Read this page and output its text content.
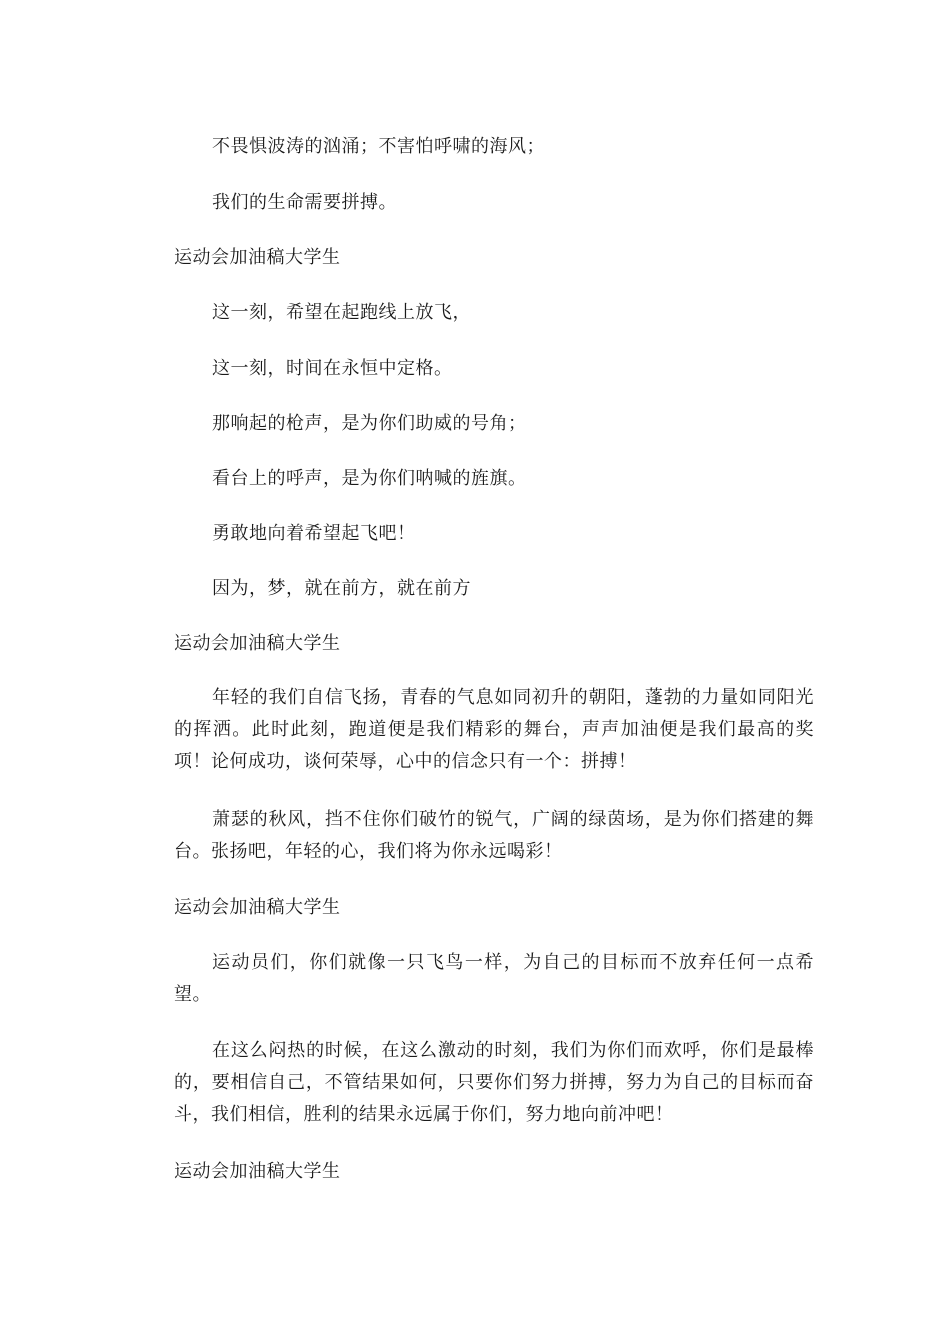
不畏惧波涛的汹涌；不害怕呼啸的海风；

我们的生命需要拼搏。

运动会加油稿大学生

这一刻，希望在起跑线上放飞，

这一刻，时间在永恒中定格。

那响起的枪声，是为你们助威的号角；

看台上的呼声，是为你们呐喊的旌旗。

勇敢地向着希望起飞吧！

因为，梦，就在前方，就在前方

运动会加油稿大学生

年轻的我们自信飞扬，青春的气息如同初升的朝阳，蓬勃的力量如同阳光的挥洒。此时此刻，跑道便是我们精彩的舞台，声声加油便是我们最高的奖项！论何成功，谈何荣辱，心中的信念只有一个：拼搏！

萧瑟的秋风，挡不住你们破竹的锐气，广阔的绿茵场，是为你们搭建的舞台。张扬吧，年轻的心，我们将为你永远喝彩！

运动会加油稿大学生

运动员们，你们就像一只飞鸟一样，为自己的目标而不放弃任何一点希望。

在这么闷热的时候，在这么激动的时刻，我们为你们而欢呼，你们是最棒的，要相信自己，不管结果如何，只要你们努力拼搏，努力为自己的目标而奋斗，我们相信，胜利的结果永远属于你们，努力地向前冲吧！

运动会加油稿大学生
